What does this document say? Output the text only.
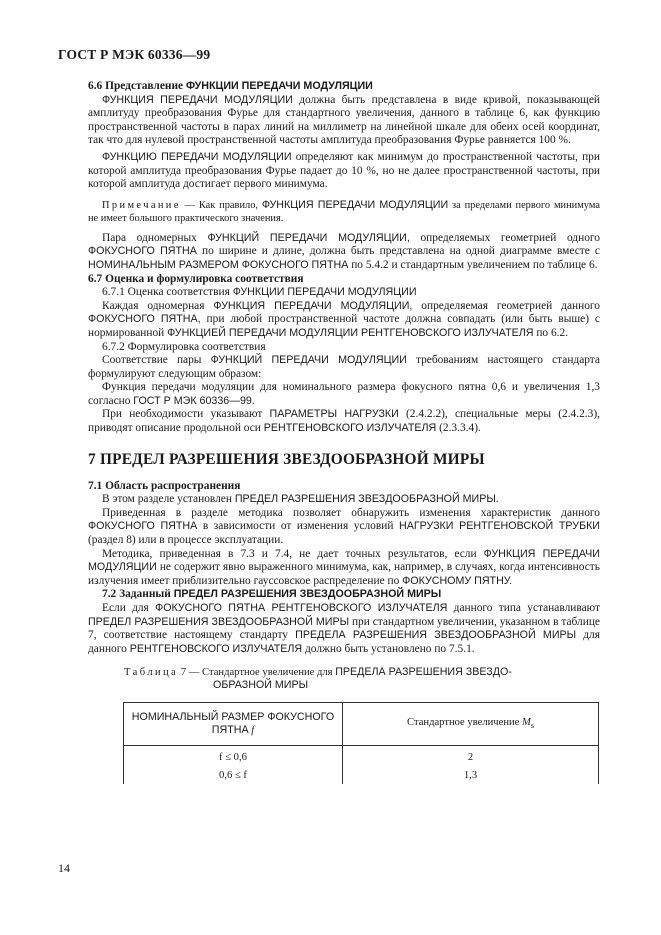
ГОСТ Р МЭК 60336—99

6.6 Представление ФУНКЦИИ ПЕРЕДАЧИ МОДУЛЯЦИИ

ФУНКЦИЯ ПЕРЕДАЧИ МОДУЛЯЦИИ должна быть представлена в виде кривой, показывающей амплитуду преобразования Фурье для стандартного увеличения, данного в таблице 6, как функцию пространственной частоты в парах линий на миллиметр на линейной шкале для обеих осей координат, так что для нулевой пространственной частоты амплитуда преобразования Фурье равняется 100 %.

ФУНКЦИЮ ПЕРЕДАЧИ МОДУЛЯЦИИ определяют как минимум до пространственной частоты, при которой амплитуда преобразования Фурье падает до 10 %, но не далее пространственной частоты, при которой амплитуда достигает первого минимума.

Примечание — Как правило, ФУНКЦИЯ ПЕРЕДАЧИ МОДУЛЯЦИИ за пределами первого минимума не имеет большого практического значения.

Пара одномерных ФУНКЦИЙ ПЕРЕДАЧИ МОДУЛЯЦИИ, определяемых геометрией одного ФОКУСНОГО ПЯТНА по ширине и длине, должна быть представлена на одной диаграмме вместе с НОМИНАЛЬНЫМ РАЗМЕРОМ ФОКУСНОГО ПЯТНА по 5.4.2 и стандартным увеличением по таблице 6.

6.7 Оценка и формулировка соответствия

6.7.1 Оценка соответствия ФУНКЦИИ ПЕРЕДАЧИ МОДУЛЯЦИИ

Каждая одномерная ФУНКЦИЯ ПЕРЕДАЧИ МОДУЛЯЦИИ, определяемая геометрией данного ФОКУСНОГО ПЯТНА, при любой пространственной частоте должна совпадать (или быть выше) с нормированной ФУНКЦИЕЙ ПЕРЕДАЧИ МОДУЛЯЦИИ РЕНТГЕНОВСКОГО ИЗЛУЧАТЕЛЯ по 6.2.

6.7.2 Формулировка соответствия

Соответствие пары ФУНКЦИЙ ПЕРЕДАЧИ МОДУЛЯЦИИ требованиям настоящего стандарта формулируют следующим образом:

Функция передачи модуляции для номинального размера фокусного пятна 0,6 и увеличения 1,3 согласно ГОСТ Р МЭК 60336—99.

При необходимости указывают ПАРАМЕТРЫ НАГРУЗКИ (2.4.2.2), специальные меры (2.4.2.3), приводят описание продольной оси РЕНТГЕНОВСКОГО ИЗЛУЧАТЕЛЯ (2.3.3.4).

7 ПРЕДЕЛ РАЗРЕШЕНИЯ ЗВЕЗДООБРАЗНОЙ МИРЫ

7.1 Область распространения

В этом разделе установлен ПРЕДЕЛ РАЗРЕШЕНИЯ ЗВЕЗДООБРАЗНОЙ МИРЫ.

Приведенная в разделе методика позволяет обнаружить изменения характеристик данного ФОКУСНОГО ПЯТНА в зависимости от изменения условий НАГРУЗКИ РЕНТГЕНОВСКОЙ ТРУБКИ (раздел 8) или в процессе эксплуатации.

Методика, приведенная в 7.3 и 7.4, не дает точных результатов, если ФУНКЦИЯ ПЕРЕДАЧИ МОДУЛЯЦИИ не содержит явно выраженного минимума, как, например, в случаях, когда интенсивность излучения имеет приблизительно гауссовское распределение по ФОКУСНОМУ ПЯТНУ.

7.2 Заданный ПРЕДЕЛ РАЗРЕШЕНИЯ ЗВЕЗДООБРАЗНОЙ МИРЫ

Если для ФОКУСНОГО ПЯТНА РЕНТГЕНОВСКОГО ИЗЛУЧАТЕЛЯ данного типа устанавливают ПРЕДЕЛ РАЗРЕШЕНИЯ ЗВЕЗДООБРАЗНОЙ МИРЫ при стандартном увеличении, указанном в таблице 7, соответствие настоящему стандарту ПРЕДЕЛА РАЗРЕШЕНИЯ ЗВЕЗДООБРАЗНОЙ МИРЫ для данного РЕНТГЕНОВСКОГО ИЗЛУЧАТЕЛЯ должно быть установлено по 7.5.1.

Таблица 7 — Стандартное увеличение для ПРЕДЕЛА РАЗРЕШЕНИЯ ЗВЕЗДО-
ОБРАЗНОЙ МИРЫ

НОМИНАЛЬНЫЙ РАЗМЕР ФОКУСНОГО ПЯТНА f	Стандартное увеличение $M_s$
f ≤ 0,6	2
0,6 ≤ f	1,3
14
